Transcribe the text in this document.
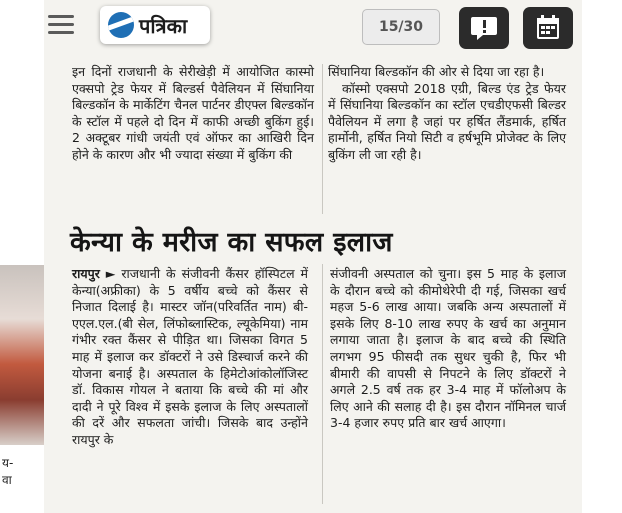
य-
वा

इन दिनों राजधानी के सेरीखेड़ी में आयोजित कास्मो एक्सपो ट्रेड फेयर में बिल्डर्स पैवेलियन में सिंघानिया बिल्डकॉन के मार्केटिंग चैनल पार्टनर डीएफ्ल बिल्डकॉन के स्टॉल में पहले दो दिन में काफी अच्छी बुकिंग हुई। 2 अक्टूबर गांधी जयंती एवं ऑफर का आखिरी दिन होने के कारण और भी ज्यादा संख्या में बुकिंग की

सिंघानिया बिल्डकॉन की ओर से दिया जा रहा है।

कॉस्मो एक्सपो 2018 एग्री, बिल्ड एंड ट्रेड फेयर में सिंघानिया बिल्डकॉन का स्टॉल एचडीएफसी बिल्डर पैवेलियन में लगा है जहां पर हर्षित लैंडमार्क, हर्षित हार्मोनी, हर्षित नियो सिटी व हर्षभूमि प्रोजेक्ट के लिए बुकिंग ली जा रही है।

केन्या के मरीज का सफल इलाज

रायपुर ► राजधानी के संजीवनी कैंसर हॉस्पिटल में केन्या(अफ्रीका) के 5 वर्षीय बच्चे को कैंसर से निजात दिलाई है। मास्टर जॉन(परिवर्तित नाम) बी-एएल.एल.(बी सेल, लिंफोब्लास्टिक, ल्यूकेमिया) नाम गंभीर रक्त कैंसर से पीड़ित था। जिसका विगत 5 माह में इलाज कर डॉक्टरों ने उसे डिस्चार्ज करने की योजना बनाई है। अस्पताल के हिमेटोआंकोलॉजिस्ट डॉ. विकास गोयल ने बताया कि बच्चे की मां और दादी ने पूरे विश्व में इसके इलाज के लिए अस्पतालों की दरें और सफलता जांची। जिसके बाद उन्होंने रायपुर के

संजीवनी अस्पताल को चुना। इस 5 माह के इलाज के दौरान बच्चे को कीमोथेरेपी दी गई, जिसका खर्च महज 5-6 लाख आया। जबकि अन्य अस्पतालों में इसके लिए 8-10 लाख रुपए के खर्च का अनुमान लगाया जाता है। इलाज के बाद बच्चे की स्थिति लगभग 95 फीसदी तक सुधर चुकी है, फिर भी बीमारी की वापसी से निपटने के लिए डॉक्टरों ने अगले 2.5 वर्ष तक हर 3-4 माह में फॉलोअप के लिए आने की सलाह दी है। इस दौरान नॉमिनल चार्ज 3-4 हजार रुपए प्रति बार खर्च आएगा।

पत्रिका	15/30
